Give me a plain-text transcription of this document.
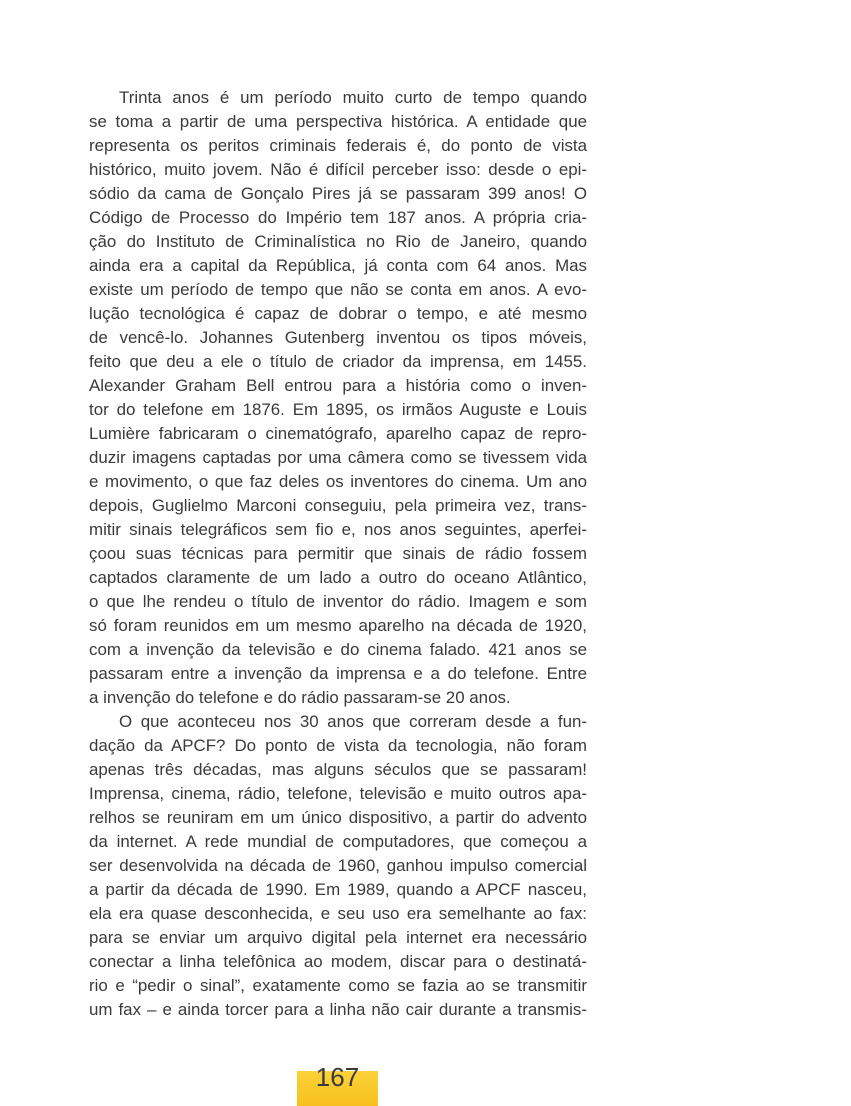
Trinta anos é um período muito curto de tempo quando
se toma a partir de uma perspectiva histórica. A entidade que
representa os peritos criminais federais é, do ponto de vista
histórico, muito jovem. Não é difícil perceber isso: desde o epi-
sódio da cama de Gonçalo Pires já se passaram 399 anos! O
Código de Processo do Império tem 187 anos. A própria cria-
ção do Instituto de Criminalística no Rio de Janeiro, quando
ainda era a capital da República, já conta com 64 anos. Mas
existe um período de tempo que não se conta em anos. A evo-
lução tecnológica é capaz de dobrar o tempo, e até mesmo
de vencê-lo. Johannes Gutenberg inventou os tipos móveis,
feito que deu a ele o título de criador da imprensa, em 1455.
Alexander Graham Bell entrou para a história como o inven-
tor do telefone em 1876. Em 1895, os irmãos Auguste e Louis
Lumière fabricaram o cinematógrafo, aparelho capaz de repro-
duzir imagens captadas por uma câmera como se tivessem vida
e movimento, o que faz deles os inventores do cinema. Um ano
depois, Guglielmo Marconi conseguiu, pela primeira vez, trans-
mitir sinais telegráficos sem fio e, nos anos seguintes, aperfei-
çoou suas técnicas para permitir que sinais de rádio fossem
captados claramente de um lado a outro do oceano Atlântico,
o que lhe rendeu o título de inventor do rádio. Imagem e som
só foram reunidos em um mesmo aparelho na década de 1920,
com a invenção da televisão e do cinema falado. 421 anos se
passaram entre a invenção da imprensa e a do telefone. Entre
a invenção do telefone e do rádio passaram-se 20 anos.
O que aconteceu nos 30 anos que correram desde a fun-
dação da APCF? Do ponto de vista da tecnologia, não foram
apenas três décadas, mas alguns séculos que se passaram!
Imprensa, cinema, rádio, telefone, televisão e muito outros apa-
relhos se reuniram em um único dispositivo, a partir do advento
da internet. A rede mundial de computadores, que começou a
ser desenvolvida na década de 1960, ganhou impulso comercial
a partir da década de 1990. Em 1989, quando a APCF nasceu,
ela era quase desconhecida, e seu uso era semelhante ao fax:
para se enviar um arquivo digital pela internet era necessário
conectar a linha telefônica ao modem, discar para o destinatá-
rio e “pedir o sinal”, exatamente como se fazia ao se transmitir
um fax – e ainda torcer para a linha não cair durante a transmis-
167
